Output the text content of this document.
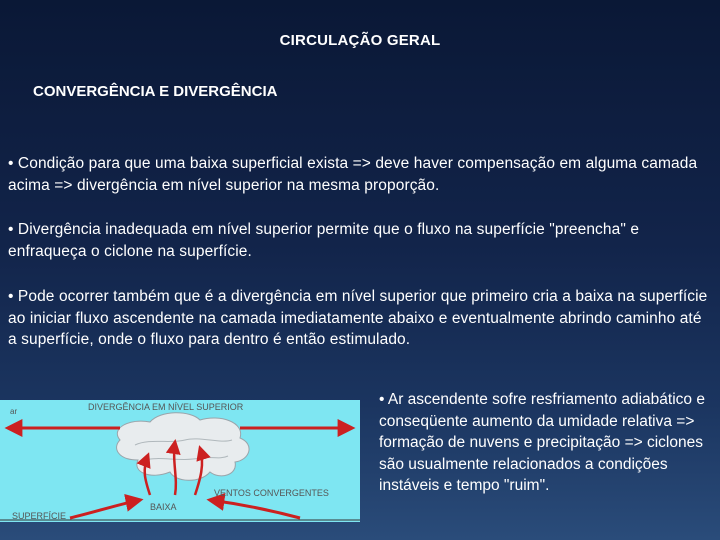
CIRCULAÇÃO GERAL
CONVERGÊNCIA E DIVERGÊNCIA
• Condição para que uma baixa superficial exista => deve haver compensação em alguma camada acima => divergência em nível superior na mesma proporção.
• Divergência inadequada em nível superior permite que o fluxo na superfície "preencha" e enfraqueça o ciclone na superfície.
• Pode ocorrer também que é a divergência em nível superior que primeiro cria a baixa na superfície ao iniciar fluxo ascendente na camada imediatamente abaixo e eventualmente abrindo caminho até a superfície, onde o fluxo para dentro é então estimulado.
ar	DIVERGÊNCIA EM NÍVEL SUPERIOR
VENTOS CONVERGENTES
BAIXA
SUPERFÍCIE
• Ar ascendente sofre resfriamento adiabático e conseqüente aumento da umidade relativa => formação de nuvens e precipitação => ciclones são usualmente relacionados a condições instáveis e tempo "ruim".
